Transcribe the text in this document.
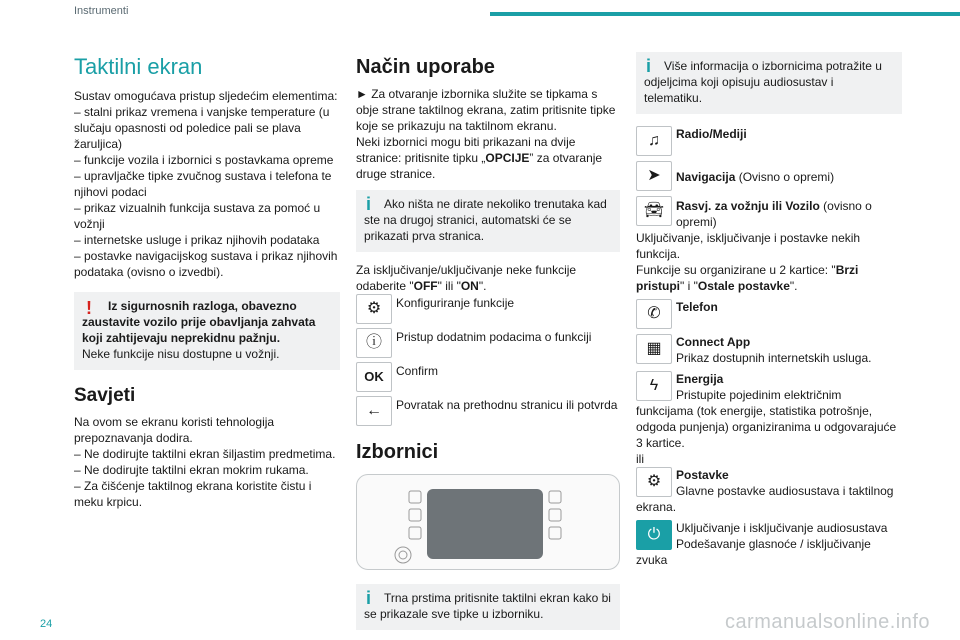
Instrumenti
Taktilni ekran

Sustav omogućava pristup sljedećim elementima:

– stalni prikaz vremena i vanjske temperature (u slučaju opasnosti od poledice pali se plava žaruljica)

– funkcije vozila i izbornici s postavkama opreme

– upravljačke tipke zvučnog sustava i telefona te njihovi podaci

– prikaz vizualnih funkcija sustava za pomoć u vožnji

– internetske usluge i prikaz njihovih podataka

– postavke navigacijskog sustava i prikaz njihovih podataka (ovisno o izvedbi).

!	Iz sigurnosnih razloga, obavezno zaustavite vozilo prije obavljanja zahvata koji zahtijevaju neprekidnu pažnju.

Neke funkcije nisu dostupne u vožnji.

Savjeti

Na ovom se ekranu koristi tehnologija prepoznavanja dodira.

– Ne dodirujte taktilni ekran šiljastim predmetima.

– Ne dodirujte taktilni ekran mokrim rukama.

– Za čišćenje taktilnog ekrana koristite čistu i meku krpicu.

Način uporabe

► Za otvaranje izbornika služite se tipkama s obje strane taktilnog ekrana, zatim pritisnite tipke koje se prikazuju na taktilnom ekranu.

Neki izbornici mogu biti prikazani na dvije stranice: pritisnite tipku „OPCIJE” za otvaranje druge stranice.

i	Ako ništa ne dirate nekoliko trenutaka kad ste na drugoj stranici, automatski će se prikazati prva stranica.

Za isključivanje/uključivanje neke funkcije odaberite "OFF" ili "ON".

⚙	Konfiguriranje funkcije
ⓘ	Pristup dodatnim podacima o funkciji
OK	Confirm
←	Povratak na prethodnu stranicu ili potvrda
Izbornici
i	Trna prstima pritisnite taktilni ekran kako bi se prikazale sve tipke u izborniku.

i	Više informacija o izbornicima potražite u odjeljcima koji opisuju audiosustav i telematiku.

♫	Radio/Mediji
➤	Navigacija (Ovisno o opremi)

🚘︎ Rasvj. za vožnju ili Vozilo (ovisno o opremi)

Uključivanje, isključivanje i postavke nekih funkcija.

Funkcije su organizirane u 2 kartice: "Brzi pristupi" i "Ostale postavke".

✆	Telefon
▦	Connect App
Prikaz dostupnih internetskih usluga.
ϟ	Energija
Pristupite pojedinim električnim funkcijama (tok energije, statistika potrošnje, odgoda punjenja) organiziranima u odgovarajuće 3 kartice.

ili

⚙	Postavke
Glavne postavke audiosustava i taktilnog ekrana.
⏻	Uključivanje i isključivanje audiosustava
Podešavanje glasnoće / isključivanje zvuka
24	carmanualsonline.info
